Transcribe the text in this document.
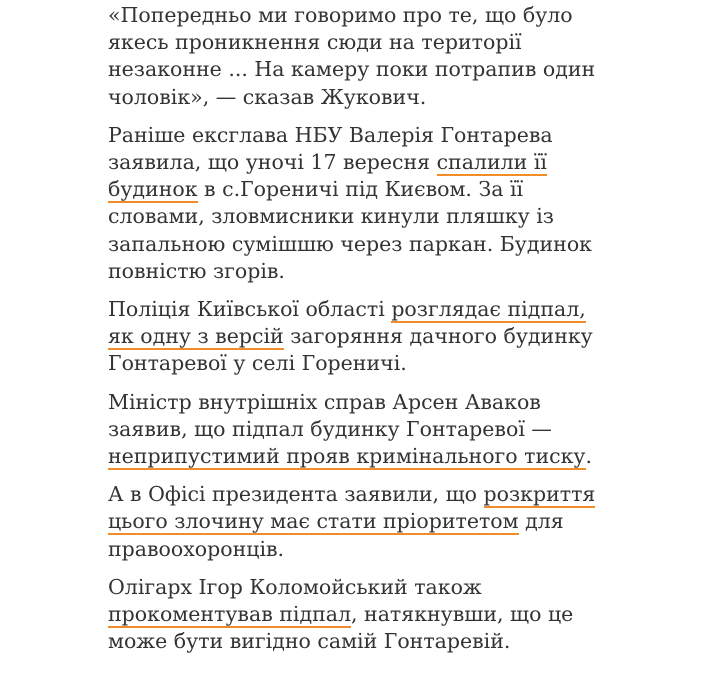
«Попередньо ми говоримо про те, що було якесь проникнення сюди на території незаконне ... На камеру поки потрапив один чоловік», — сказав Жукович.

Раніше ексглава НБУ Валерія Гонтарева заявила, що уночі 17 вересня спалили її будинок в с.Гореничі під Києвом. За її словами, зловмисники кинули пляшку із запальною сумішшю через паркан. Будинок повністю згорів.

Поліція Київської області розглядає підпал, як одну з версій загоряння дачного будинку Гонтаревої у селі Гореничі.

Міністр внутрішніх справ Арсен Аваков заявив, що підпал будинку Гонтаревої — неприпустимий прояв кримінального тиску.

А в Офісі президента заявили, що розкриття цього злочину має стати пріоритетом для правоохоронців.

Олігарх Ігор Коломойський також прокоментував підпал, натякнувши, що це може бути вигідно самій Гонтаревій.
